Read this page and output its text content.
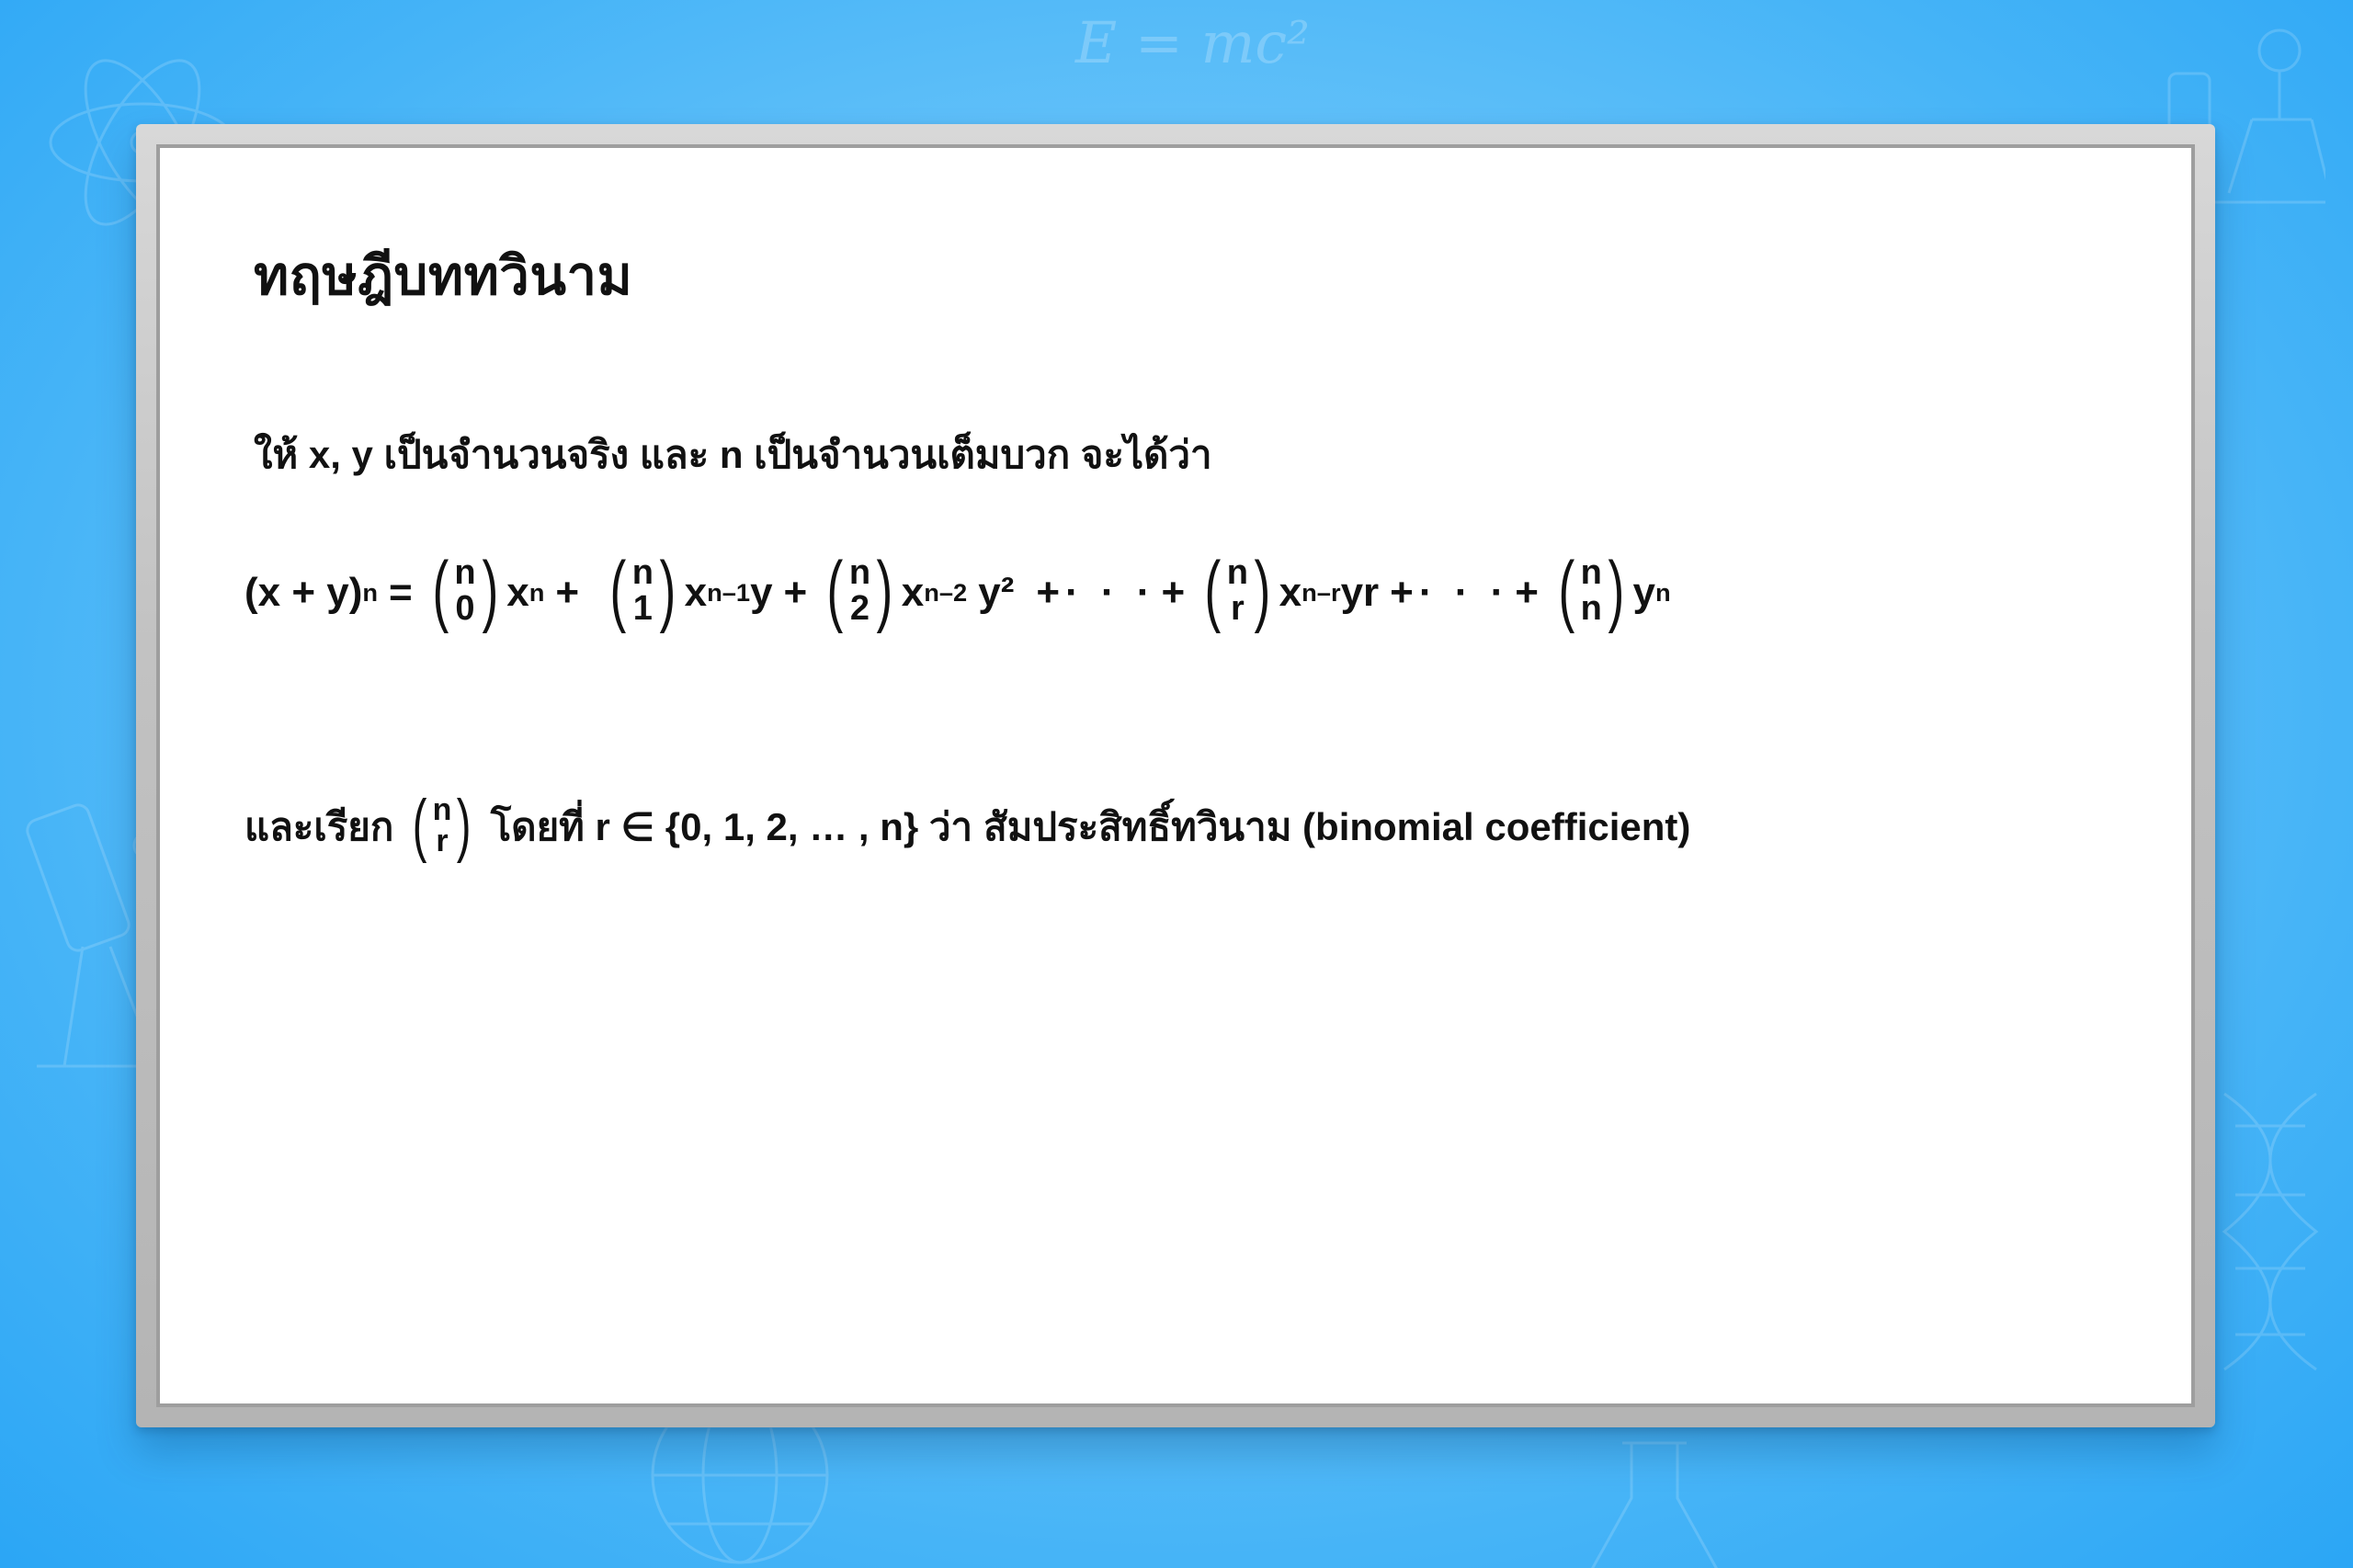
E = mc²
ทฤษฎีบททวินาม
ให้ x, y เป็นจำนวนจริง และ n เป็นจำนวนเต็มบวก จะได้ว่า
(x + y) n = ( n
0 ) x n + ( n
1 ) x n–1 y + ( n
2 ) x n–2 y² + · · · + ( n
r ) x n–r yr + · · · + ( n
n ) y n
และเรียก ( n
r ) โดยที่ r ∈ {0, 1, 2, … , n} ว่า สัมประสิทธิ์ทวินาม (binomial coefficient)
